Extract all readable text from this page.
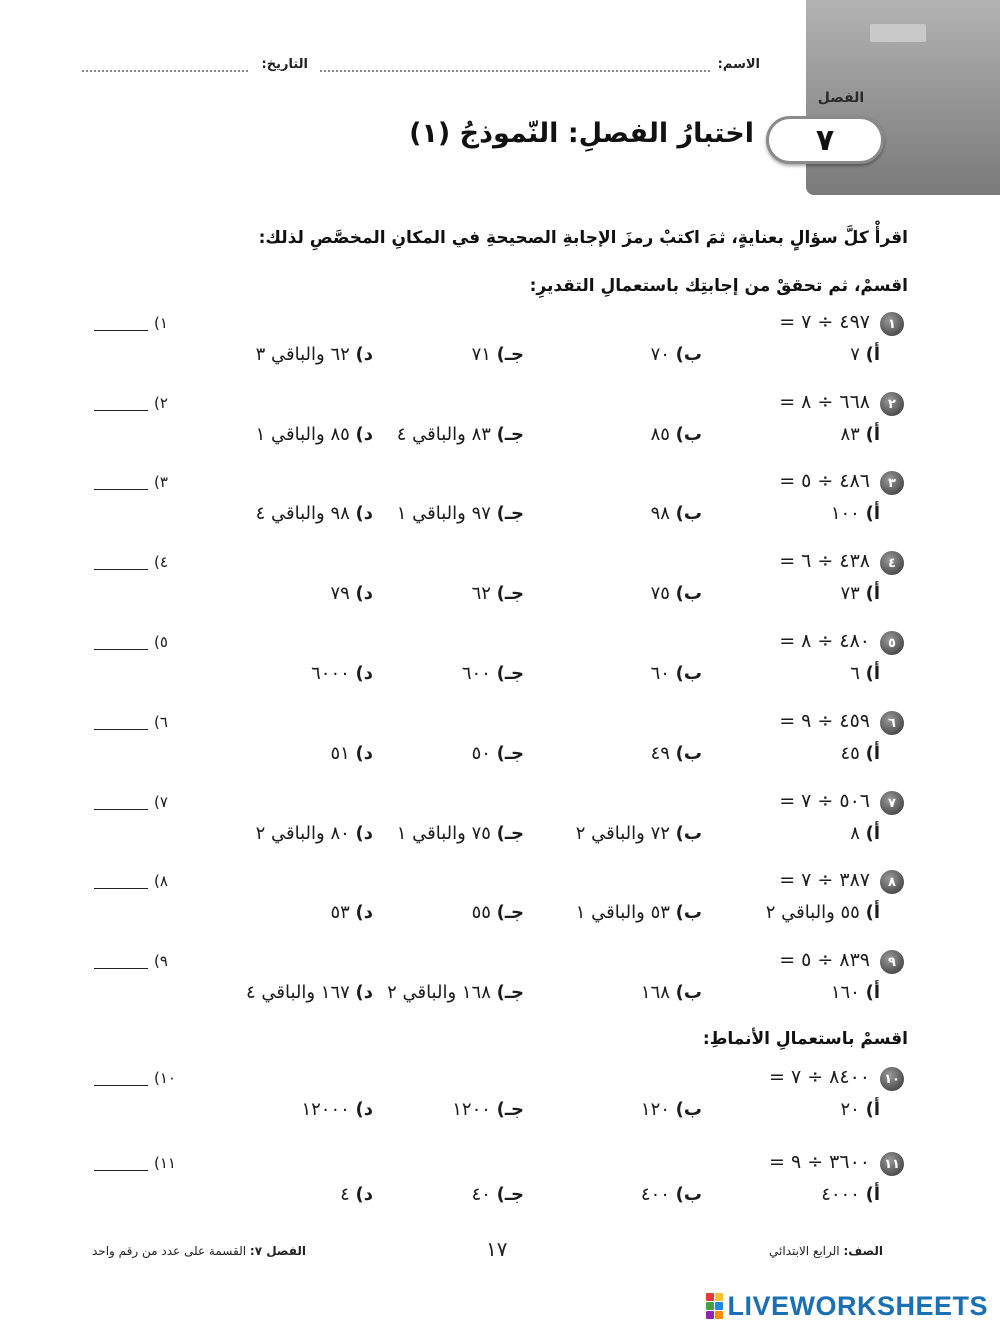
الفصل
٧
اختبارُ الفصلِ: النّموذجُ (١)
الاسم:
التاريخ:
اقرأْ كلَّ سؤالٍ بعنايةٍ، ثمَ اكتبْ رمزَ الإجابةِ الصحيحةِ في المكانِ المخصَّصِ لذلك:
اقسمْ، ثم تحققْ من إجابتِك باستعمالِ التقديرِ:
اقسمْ باستعمالِ الأنماطِ:
١
٤٩٧ ÷ ٧ =
١)
أ) ٧
ب) ٧٠
جـ) ٧١
د) ٦٢ والباقي ٣
٢
٦٦٨ ÷ ٨ =
٢)
أ) ٨٣
ب) ٨٥
جـ) ٨٣ والباقي ٤
د) ٨٥ والباقي ١
٣
٤٨٦ ÷ ٥ =
٣)
أ) ١٠٠
ب) ٩٨
جـ) ٩٧ والباقي ١
د) ٩٨ والباقي ٤
٤
٤٣٨ ÷ ٦ =
٤)
أ) ٧٣
ب) ٧٥
جـ) ٦٢
د) ٧٩
٥
٤٨٠ ÷ ٨ =
٥)
أ) ٦
ب) ٦٠
جـ) ٦٠٠
د) ٦٠٠٠
٦
٤٥٩ ÷ ٩ =
٦)
أ) ٤٥
ب) ٤٩
جـ) ٥٠
د) ٥١
٧
٥٠٦ ÷ ٧ =
٧)
أ) ٨
ب) ٧٢ والباقي ٢
جـ) ٧٥ والباقي ١
د) ٨٠ والباقي ٢
٨
٣٨٧ ÷ ٧ =
٨)
أ) ٥٥ والباقي ٢
ب) ٥٣ والباقي ١
جـ) ٥٥
د) ٥٣
٩
٨٣٩ ÷ ٥ =
٩)
أ) ١٦٠
ب) ١٦٨
جـ) ١٦٨ والباقي ٢
د) ١٦٧ والباقي ٤
١٠
٨٤٠٠ ÷ ٧ =
١٠)
أ) ٢٠
ب) ١٢٠
جـ) ١٢٠٠
د) ١٢٠٠٠
١١
٣٦٠٠ ÷ ٩ =
١١)
أ) ٤٠٠٠
ب) ٤٠٠
جـ) ٤٠
د) ٤
الصف: الرابع الابتدائي
١٧
الفصل ٧: القسمة على عدد من رقم واحد
LIVEWORKSHEETS
